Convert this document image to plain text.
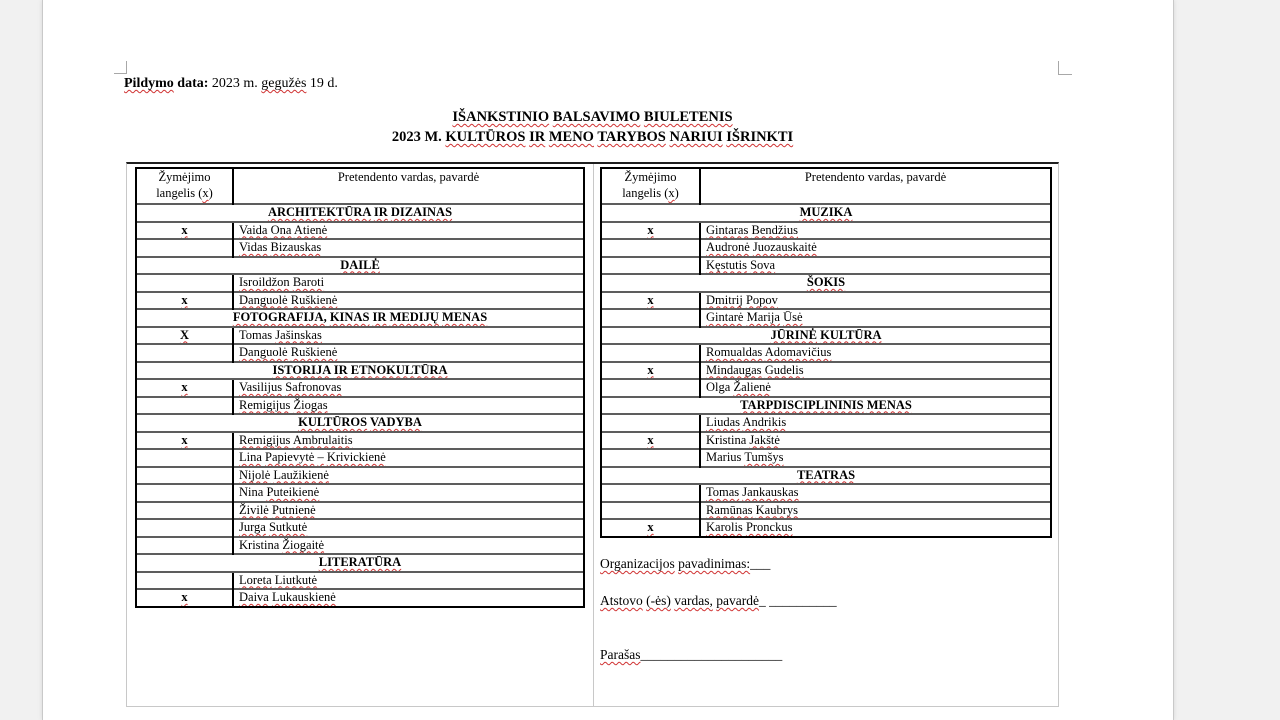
Pildymo data: 2023 m. gegužės 19 d.

IŠANKSTINIO BALSAVIMO BIULETENIS
2023 M. KULTŪROS IR MENO TARYBOS NARIUI IŠRINKTI
Žymėjimo
langelis (x)	Pretendento vardas, pavardė
ARCHITEKTŪRA IR DIZAINAS	
x	Vaida Ona Atienė
	Vidas Bizauskas
DAILĖ	
	Isroildžon Baroti
x	Danguolė Ruškienė
FOTOGRAFIJA, KINAS IR MEDIJŲ MENAS	
X	Tomas Jašinskas
	Danguolė Ruškienė
ISTORIJA IR ETNOKULTŪRA	
x	Vasilijus Safronovas
	Remigijus Žiogas
KULTŪROS VADYBA	
x	Remigijus Ambrulaitis
	Lina Papievytė – Krivickienė
	Nijolė Laužikienė
	Nina Puteikienė
	Živilė Putnienė
	Jurga Sutkutė
	Kristina Žiogaitė
LITERATŪRA	
	Loreta Liutkutė
x	Daiva Lukauskienė
Žymėjimo
langelis (x)	Pretendento vardas, pavardė
MUZIKA	
x	Gintaras Bendžius
	Audronė Juozauskaitė
	Kęstutis Sova
ŠOKIS	
x	Dmitrij Popov
	Gintarė Marija Ūsė
JŪRINĖ KULTŪRA	
	Romualdas Adomavičius
x	Mindaugas Gudelis
	Olga Žalienė
TARPDISCIPLININIS MENAS	
	Liudas Andrikis
x	Kristina Jakštė
	Marius Tumšys
TEATRAS	
	Tomas Jankauskas
	Ramūnas Kaubrys
x	Karolis Pronckus

Organizacijos pavadinimas:___

Atstovo (-ės) vardas, pavardė_ __________

Parašas_____________________
